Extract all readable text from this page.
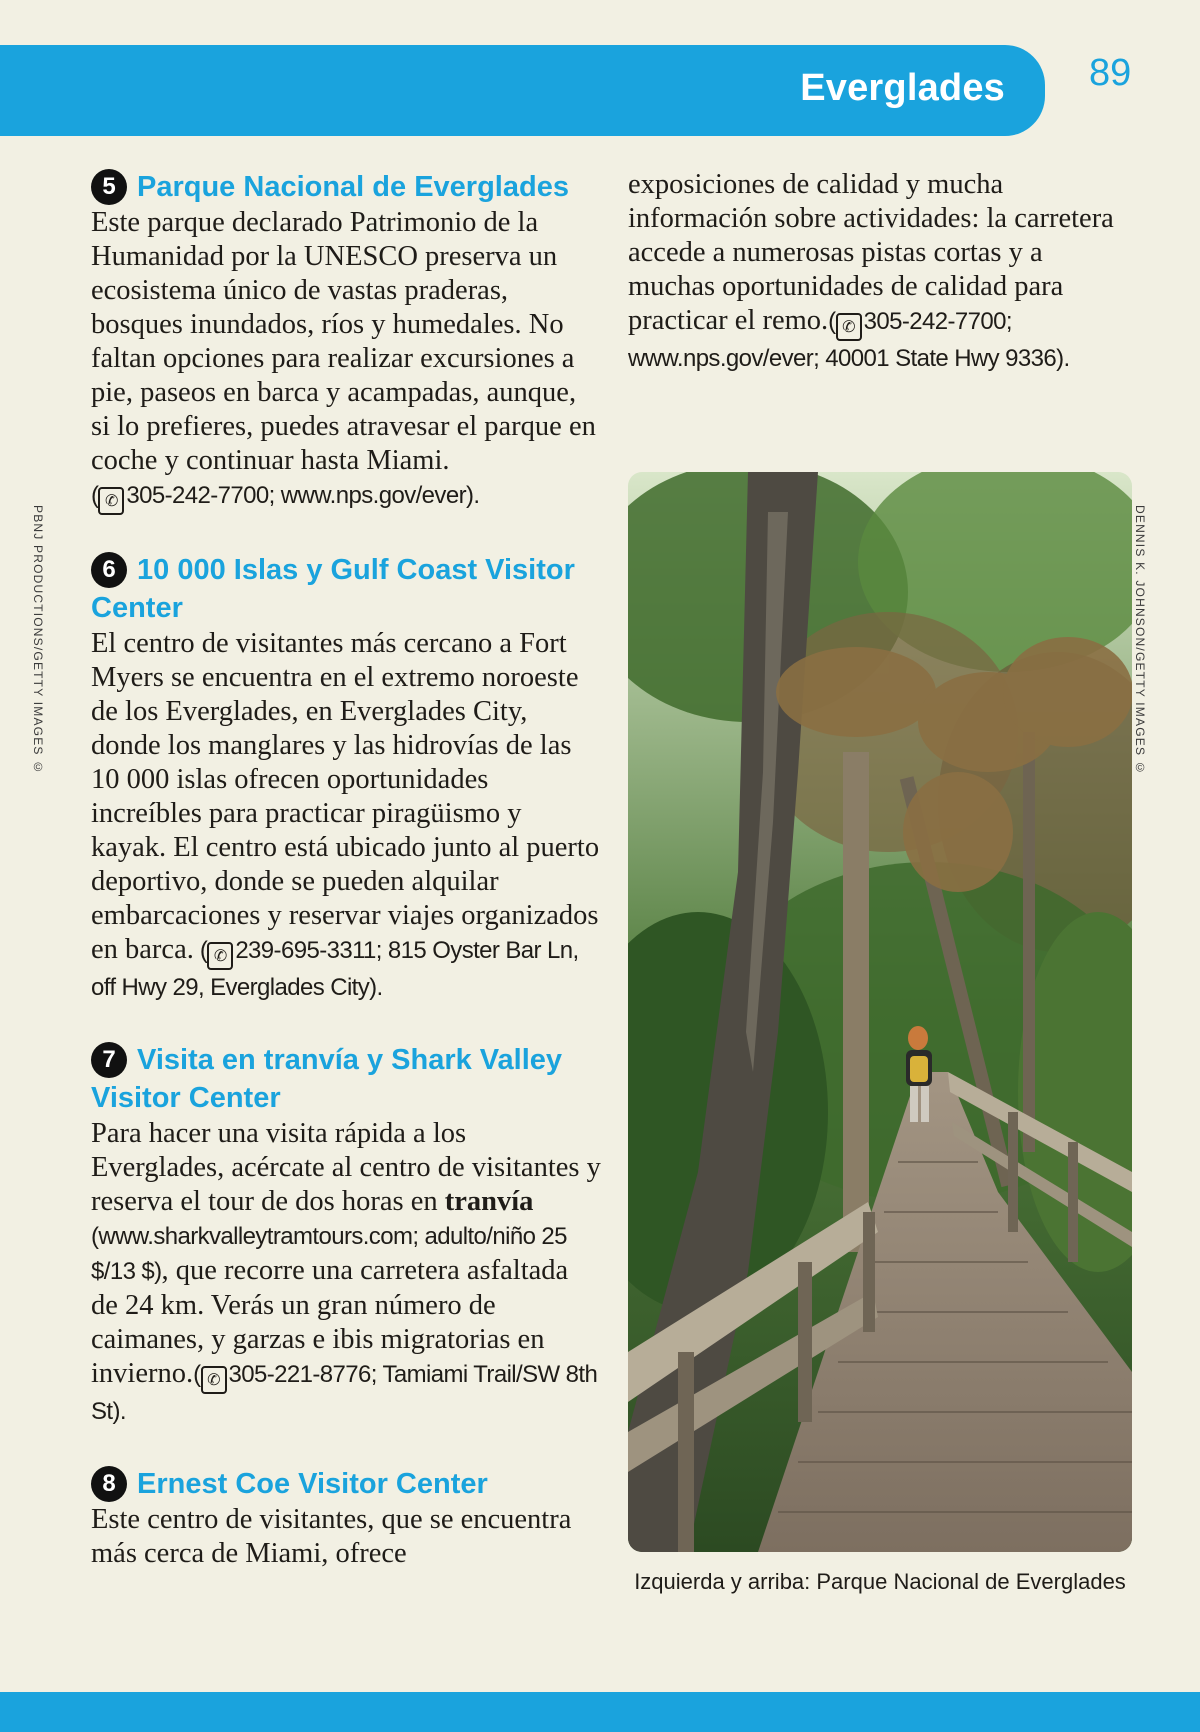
Everglades 89
PBNJ PRODUCTIONS/GETTY IMAGES ©	DENNIS K. JOHNSON/GETTY IMAGES ©

5 Parque Nacional de Everglades

Este parque declarado Patrimonio de la Humanidad por la UNESCO preserva un ecosistema único de vastas praderas, bosques inundados, ríos y humedales. No faltan opciones para realizar excursiones a pie, paseos en barca y acampadas, aunque, si lo prefieres, puedes atravesar el parque en coche y continuar hasta Miami.
( ✆ 305-242-7700; www.nps.gov/ever).

6 10 000 Islas y Gulf Coast Visitor Center

El centro de visitantes más cercano a Fort Myers se encuentra en el extremo noroeste de los Everglades, en Everglades City, donde los manglares y las hidrovías de las 10 000 islas ofrecen oportunidades increíbles para practicar piragüismo y kayak. El centro está ubicado junto al puerto deportivo, donde se pueden alquilar embarcaciones y reservar viajes organizados en barca. ( ✆ 239-695-3311; 815 Oyster Bar Ln, off Hwy 29, Everglades City).

7 Visita en tranvía y Shark Valley Visitor Center

Para hacer una visita rápida a los Everglades, acércate al centro de visitantes y reserva el tour de dos horas en tranvía (www.sharkvalleytramtours.com; adulto/niño 25 $/13 $), que recorre una carretera asfaltada de 24 km. Verás un gran número de caimanes, y garzas e ibis migratorias en invierno.( ✆ 305-221-8776; Tamiami Trail/SW 8th St).

8 Ernest Coe Visitor Center

Este centro de visitantes, que se encuentra más cerca de Miami, ofrece

exposiciones de calidad y mucha información sobre actividades: la carretera accede a numerosas pistas cortas y a muchas oportunidades de calidad para practicar el remo.( ✆ 305-242-7700; www.nps.gov/ever; 40001 State Hwy 9336).

Izquierda y arriba: Parque Nacional de Everglades
